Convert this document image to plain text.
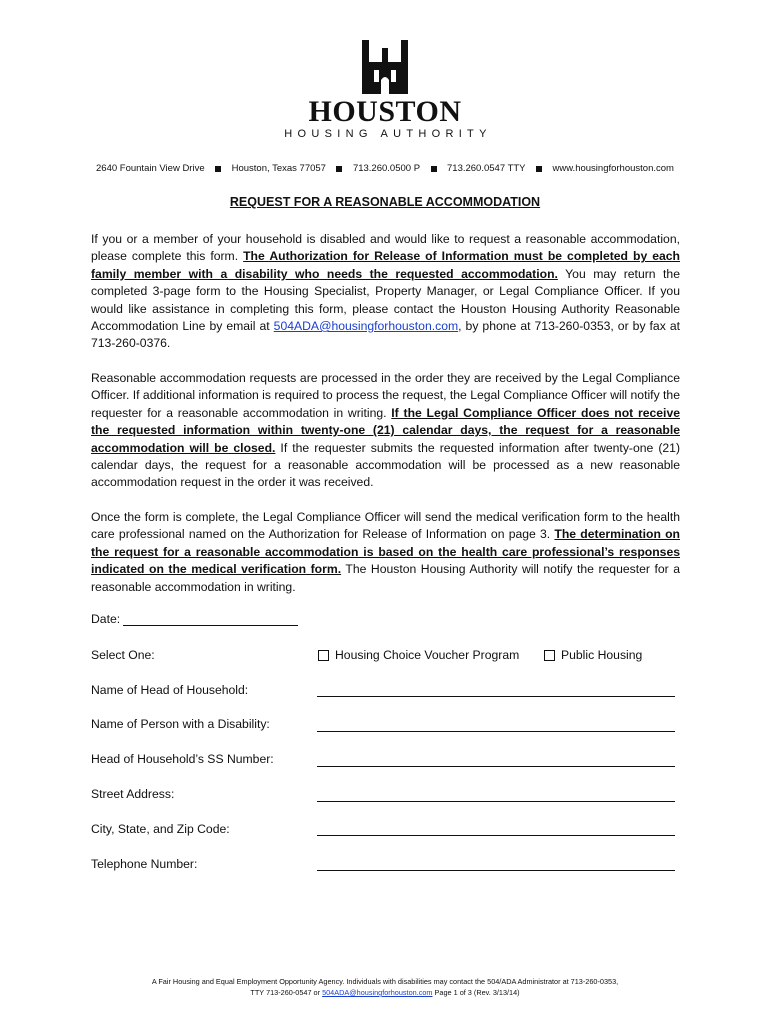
HOUSTON
HOUSING AUTHORITY
2640 Fountain View Drive	Houston, Texas 77057	713.260.0500 P	713.260.0547 TTY	www.housingforhouston.com
REQUEST FOR A REASONABLE ACCOMMODATION

If you or a member of your household is disabled and would like to request a reasonable accommodation, please complete this form. The Authorization for Release of Information must be completed by each family member with a disability who needs the requested accommodation. You may return the completed 3-page form to the Housing Specialist, Property Manager, or Legal Compliance Officer. If you would like assistance in completing this form, please contact the Houston Housing Authority Reasonable Accommodation Line by email at 504ADA@housingforhouston.com, by phone at 713-260-0353, or by fax at 713-260-0376.

Reasonable accommodation requests are processed in the order they are received by the Legal Compliance Officer. If additional information is required to process the request, the Legal Compliance Officer will notify the requester for a reasonable accommodation in writing. If the Legal Compliance Officer does not receive the requested information within twenty-one (21) calendar days, the request for a reasonable accommodation will be closed. If the requester submits the requested information after twenty-one (21) calendar days, the request for a reasonable accommodation will be processed as a new reasonable accommodation request in the order it was received.

Once the form is complete, the Legal Compliance Officer will send the medical verification form to the health care professional named on the Authorization for Release of Information on page 3. The determination on the request for a reasonable accommodation is based on the health care professional’s responses indicated on the medical verification form. The Houston Housing Authority will notify the requester for a reasonable accommodation in writing.

Date:
Select One:	Housing Choice Voucher Program	Public Housing
Name of Head of Household:
Name of Person with a Disability:
Head of Household’s SS Number:
Street Address:
City, State, and Zip Code:
Telephone Number:
A Fair Housing and Equal Employment Opportunity Agency. Individuals with disabilities may contact the 504/ADA Administrator at 713-260-0353,
TTY 713-260-0547 or 504ADA@housingforhouston.com Page 1 of 3 (Rev. 3/13/14)
